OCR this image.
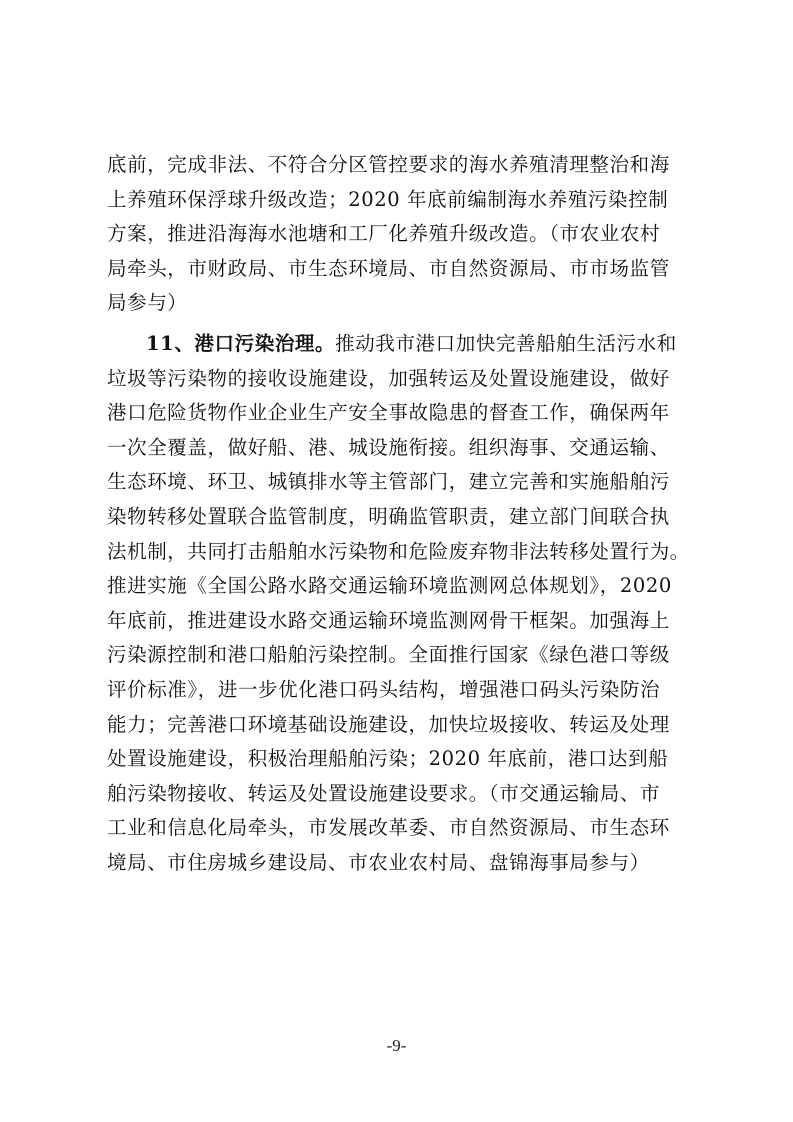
底前，完成非法、不符合分区管控要求的海水养殖清理整治和海
上养殖环保浮球升级改造；2020 年底前编制海水养殖污染控制
方案，推进沿海海水池塘和工厂化养殖升级改造。（市农业农村
局牵头，市财政局、市生态环境局、市自然资源局、市市场监管
局参与）
11、港口污染治理。推动我市港口加快完善船舶生活污水和
垃圾等污染物的接收设施建设，加强转运及处置设施建设，做好
港口危险货物作业企业生产安全事故隐患的督查工作，确保两年
一次全覆盖，做好船、港、城设施衔接。组织海事、交通运输、
生态环境、环卫、城镇排水等主管部门，建立完善和实施船舶污
染物转移处置联合监管制度，明确监管职责，建立部门间联合执
法机制，共同打击船舶水污染物和危险废弃物非法转移处置行为。
推进实施《全国公路水路交通运输环境监测网总体规划》，2020
年底前，推进建设水路交通运输环境监测网骨干框架。加强海上
污染源控制和港口船舶污染控制。全面推行国家《绿色港口等级
评价标准》，进一步优化港口码头结构，增强港口码头污染防治
能力；完善港口环境基础设施建设，加快垃圾接收、转运及处理
处置设施建设，积极治理船舶污染；2020 年底前，港口达到船
舶污染物接收、转运及处置设施建设要求。（市交通运输局、市
工业和信息化局牵头，市发展改革委、市自然资源局、市生态环
境局、市住房城乡建设局、市农业农村局、盘锦海事局参与）
-9-
